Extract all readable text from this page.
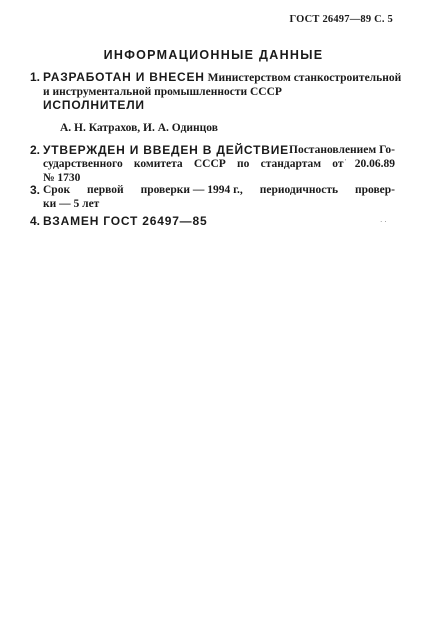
ГОСТ 26497—89 С. 5
ИНФОРМАЦИОННЫЕ ДАННЫЕ
1. РАЗРАБОТАН И ВНЕСЕН Министерством станкостроительной
и инструментальной промышленности СССР
ИСПОЛНИТЕЛИ
А. Н. Катрахов, И. А. Одинцов
2. УТВЕРЖДЕН И ВВЕДЕН В ДЕЙСТВИЕ Постановлением Го-
сударственного комитета СССР по стандартам от 20.06.89
№ 1730
3. Срок первой проверки — 1994 г., периодичность провер-
ки — 5 лет
4. ВЗАМЕН ГОСТ 26497—85
'
··
